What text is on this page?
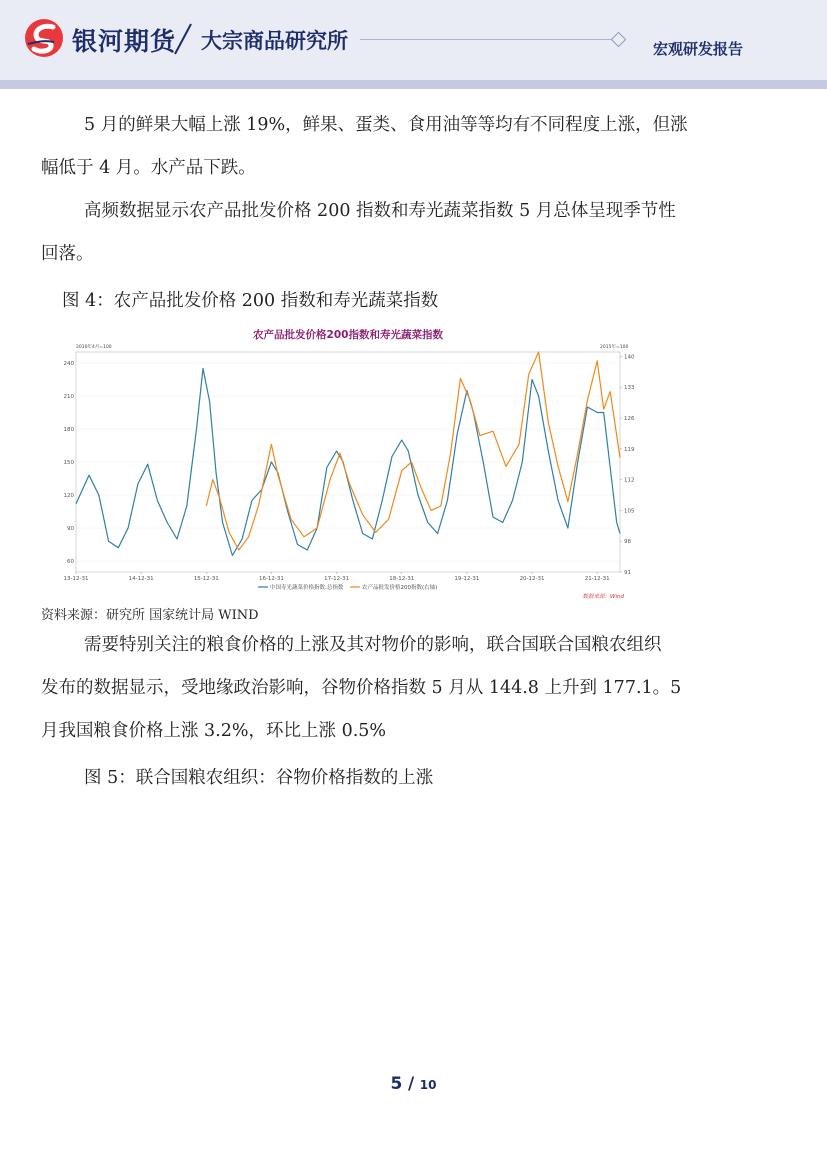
银河期货 大宗商品研究所	宏观研发报告

5 月的鲜果大幅上涨 19%，鲜果、蛋类、食用油等等均有不同程度上涨，但涨
幅低于 4 月。水产品下跌。

高频数据显示农产品批发价格 200 指数和寿光蔬菜指数 5 月总体呈现季节性
回落。

图 4：农产品批发价格 200 指数和寿光蔬菜指数

农产品批发价格200指数和寿光蔬菜指数
2010年4月=100	2015年=100
60
90
120
150
180
210
240
91
98
105
112
119
126
133
140
13-12-31	14-12-31	15-12-31	16-12-31	17-12-31	18-12-31	19-12-31	20-12-31	21-12-31
中国寿光蔬菜价格指数:总指数	农产品批发价格200指数(右轴)
数据来源：Wind
资料来源：研究所 国家统计局 WIND

需要特别关注的粮食价格的上涨及其对物价的影响，联合国联合国粮农组织
发布的数据显示，受地缘政治影响，谷物价格指数 5 月从 144.8 上升到 177.1。5
月我国粮食价格上涨 3.2%，环比上涨 0.5%

图 5：联合国粮农组织：谷物价格指数的上涨

5 / 10
